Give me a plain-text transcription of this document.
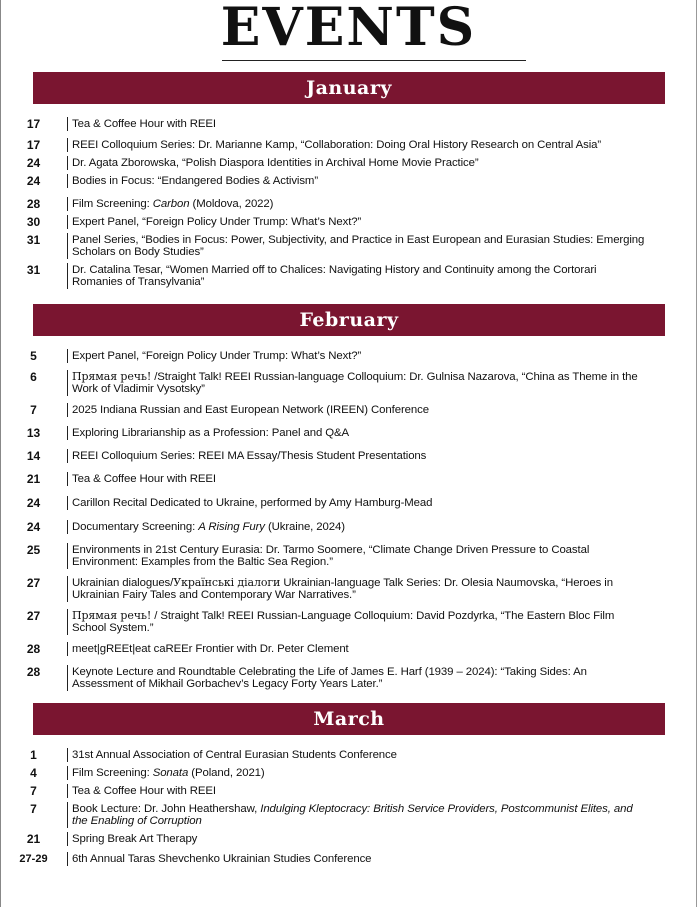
EVENTS
January
17	Tea & Coffee Hour with REEI
17	REEI Colloquium Series: Dr. Marianne Kamp, “Collaboration: Doing Oral History Research on Central Asia”
24	Dr. Agata Zborowska, “Polish Diaspora Identities in Archival Home Movie Practice”
24	Bodies in Focus: “Endangered Bodies & Activism”
28	Film Screening: Carbon (Moldova, 2022)
30	Expert Panel, “Foreign Policy Under Trump: What’s Next?”
31	Panel Series, “Bodies in Focus: Power, Subjectivity, and Practice in East European and Eurasian Studies: Emerging Scholars on Body Studies”
31	Dr. Catalina Tesar, “Women Married off to Chalices: Navigating History and Continuity among the Cortorari Romanies of Transylvania”
February
5	Expert Panel, “Foreign Policy Under Trump: What’s Next?”
6	Прямая речь! /Straight Talk! REEI Russian-language Colloquium: Dr. Gulnisa Nazarova, “China as Theme in the Work of Vladimir Vysotsky”
7	2025 Indiana Russian and East European Network (IREEN) Conference
13	Exploring Librarianship as a Profession: Panel and Q&A
14	REEI Colloquium Series: REEI MA Essay/Thesis Student Presentations
21	Tea & Coffee Hour with REEI
24	Carillon Recital Dedicated to Ukraine, performed by Amy Hamburg-Mead
24	Documentary Screening: A Rising Fury (Ukraine, 2024)
25	Environments in 21st Century Eurasia: Dr. Tarmo Soomere, “Climate Change Driven Pressure to Coastal Environment: Examples from the Baltic Sea Region.”
27	Ukrainian dialogues/Українські діалоги Ukrainian-language Talk Series: Dr. Olesia Naumovska, “Heroes in Ukrainian Fairy Tales and Contemporary War Narratives.”
27	Прямая речь! / Straight Talk! REEI Russian-Language Colloquium: David Pozdyrka, “The Eastern Bloc Film School System.”
28	meet|gREEt|eat caREEr Frontier with Dr. Peter Clement
28	Keynote Lecture and Roundtable Celebrating the Life of James E. Harf (1939 – 2024): “Taking Sides: An Assessment of Mikhail Gorbachev’s Legacy Forty Years Later.”
March
1	31st Annual Association of Central Eurasian Students Conference
4	Film Screening: Sonata (Poland, 2021)
7	Tea & Coffee Hour with REEI
7	Book Lecture: Dr. John Heathershaw, Indulging Kleptocracy: British Service Providers, Postcommunist Elites, and the Enabling of Corruption
21	Spring Break Art Therapy
27-29	6th Annual Taras Shevchenko Ukrainian Studies Conference
